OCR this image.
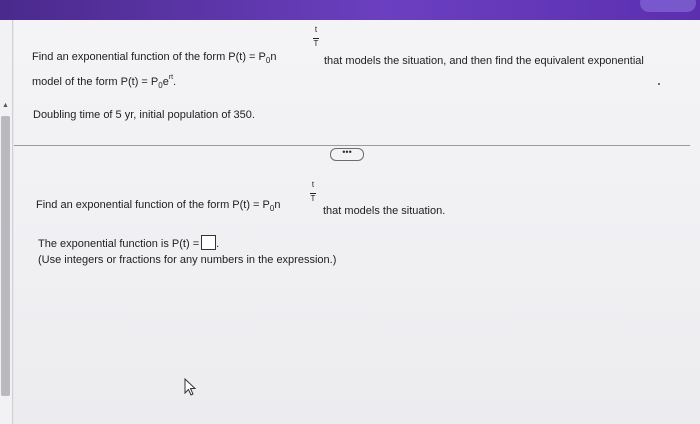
▲
Find an exponential function of the form $P(t) = P_0n$
t
T
that models the situation, and then find the equivalent exponential
model of the form $P(t) = P_0e^{rt}$.
Doubling time of 5 yr, initial population of 350.
•••
Find an exponential function of the form $P(t) = P_0n$
t
T
that models the situation.
The exponential function is P(t) = .
(Use integers or fractions for any numbers in the expression.)
